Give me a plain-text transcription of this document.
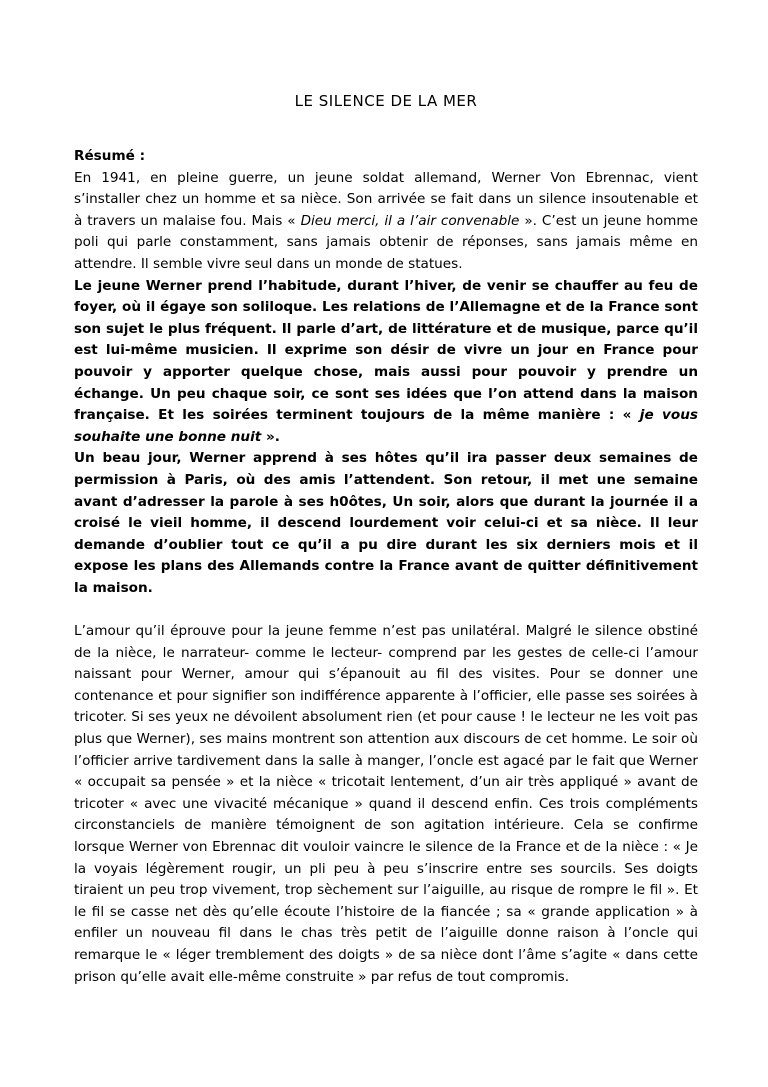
LE SILENCE DE LA MER

Résumé :
En 1941, en pleine guerre, un jeune soldat allemand, Werner Von Ebrennac, vient s’installer chez un homme et sa nièce. Son arrivée se fait dans un silence insoutenable et à travers un malaise fou. Mais « Dieu merci, il a l’air convenable ». C’est un jeune homme poli qui parle constamment, sans jamais obtenir de réponses, sans jamais même en attendre. Il semble vivre seul dans un monde de statues.

Le jeune Werner prend l’habitude, durant l’hiver, de venir se chauffer au feu de foyer, où il égaye son soliloque. Les relations de l’Allemagne et de la France sont son sujet le plus fréquent. Il parle d’art, de littérature et de musique, parce qu’il est lui-même musicien. Il exprime son désir de vivre un jour en France pour pouvoir y apporter quelque chose, mais aussi pour pouvoir y prendre un échange. Un peu chaque soir, ce sont ses idées que l’on attend dans la maison française. Et les soirées terminent toujours de la même manière : « je vous souhaite une bonne nuit ».

Un beau jour, Werner apprend à ses hôtes qu’il ira passer deux semaines de permission à Paris, où des amis l’attendent. Son retour, il met une semaine avant d’adresser la parole à ses h0ôtes, Un soir, alors que durant la journée il a croisé le vieil homme, il descend lourdement voir celui-ci et sa nièce. Il leur demande d’oublier tout ce qu’il a pu dire durant les six derniers mois et il expose les plans des Allemands contre la France avant de quitter définitivement la maison.

L’amour qu’il éprouve pour la jeune femme n’est pas unilatéral. Malgré le silence obstiné de la nièce, le narrateur- comme le lecteur- comprend par les gestes de celle-ci l’amour naissant pour Werner, amour qui s’épanouit au fil des visites. Pour se donner une contenance et pour signifier son indifférence apparente à l’officier, elle passe ses soirées à tricoter. Si ses yeux ne dévoilent absolument rien (et pour cause ! le lecteur ne les voit pas plus que Werner), ses mains montrent son attention aux discours de cet homme. Le soir où l’officier arrive tardivement dans la salle à manger, l’oncle est agacé par le fait que Werner « occupait sa pensée » et la nièce « tricotait lentement, d’un air très appliqué » avant de tricoter « avec une vivacité mécanique » quand il descend enfin. Ces trois compléments circonstanciels de manière témoignent de son agitation intérieure. Cela se confirme lorsque Werner von Ebrennac dit vouloir vaincre le silence de la France et de la nièce : « Je la voyais légèrement rougir, un pli peu à peu s’inscrire entre ses sourcils. Ses doigts tiraient un peu trop vivement, trop sèchement sur l’aiguille, au risque de rompre le fil ». Et le fil se casse net dès qu’elle écoute l’histoire de la fiancée ; sa « grande application » à enfiler un nouveau fil dans le chas très petit de l’aiguille donne raison à l’oncle qui remarque le « léger tremblement des doigts » de sa nièce dont l’âme s’agite « dans cette prison qu’elle avait elle-même construite » par refus de tout compromis.
